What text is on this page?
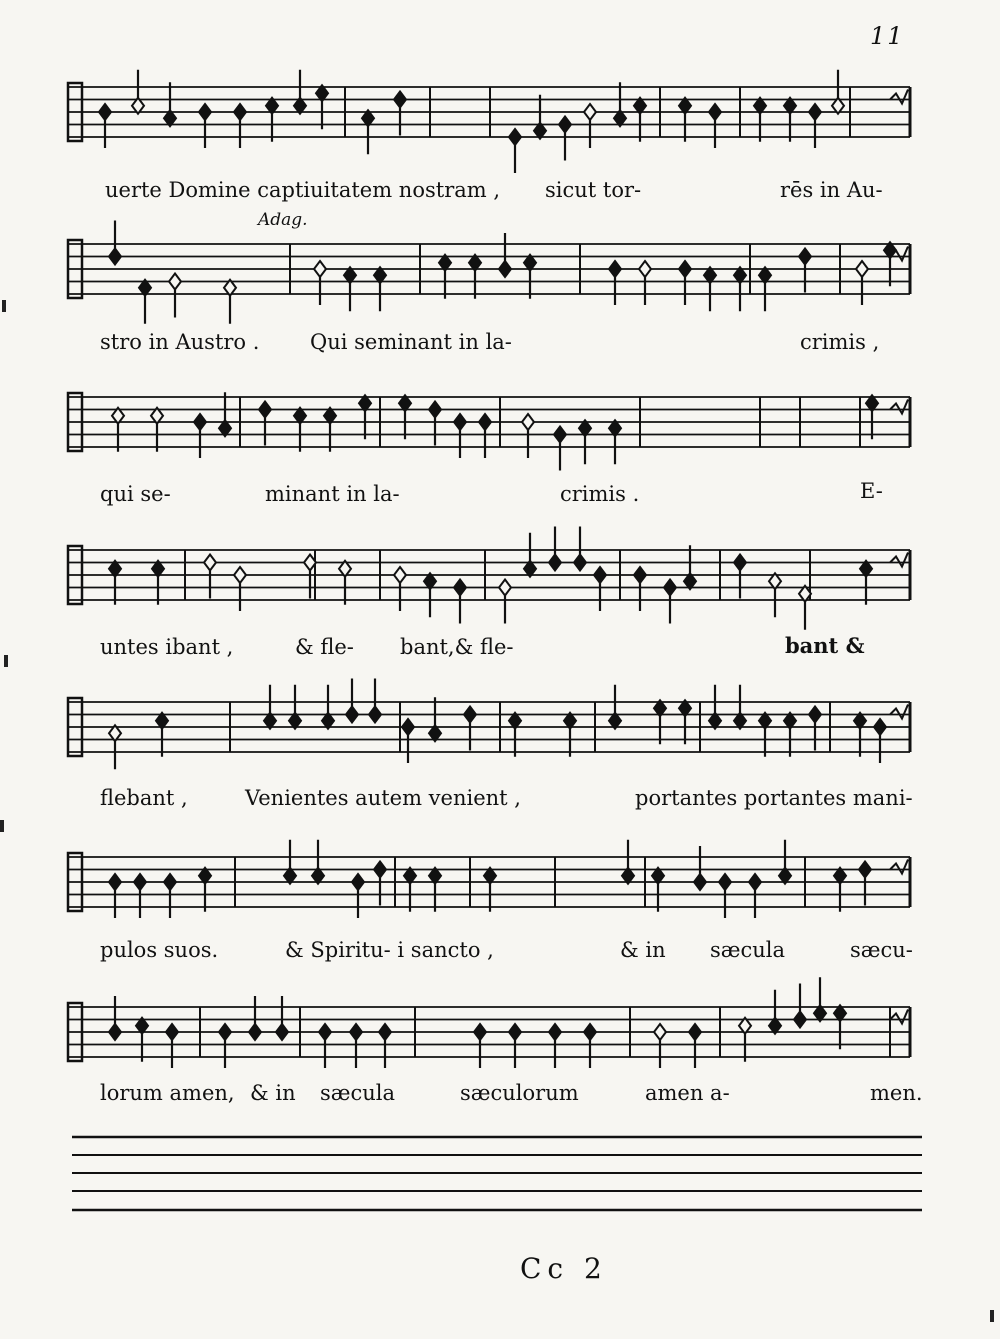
11
uerte Domine captiuitatem nostram , sicut tor-	rēs in Au-
Adag.
stro in Austro . Qui seminant in la-	crimis ,
qui se-	minant in la-	crimis .	E-
untes ibant ,	& fle- bant,& fle-	bant &
flebant ,	Venientes autem venient ,	portantes portantes mani-
pulos suos.	& Spiritu- i sancto ,	& in sæcula	sæcu-
lorum amen, & in sæcula	sæculorum	amen a-	men.
Cc 2
